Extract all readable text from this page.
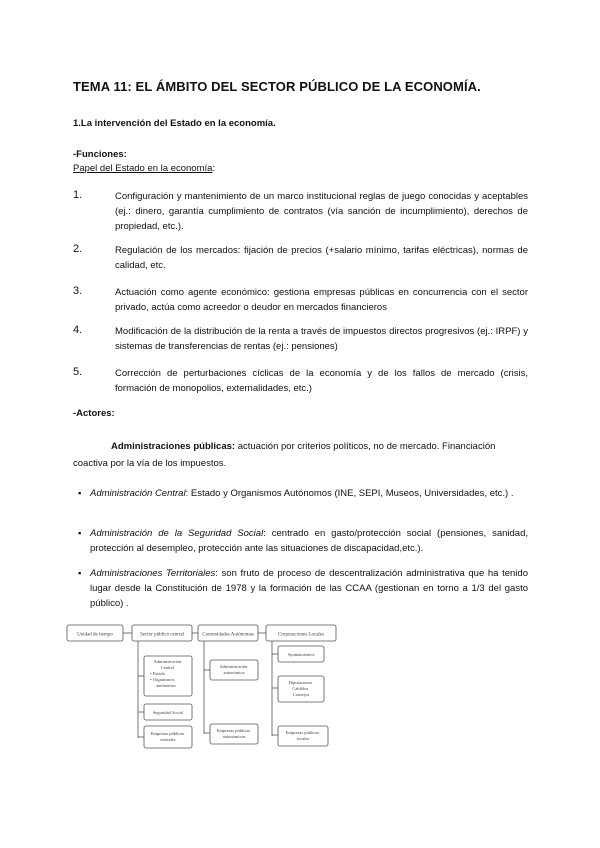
TEMA 11: EL ÁMBITO DEL SECTOR PÚBLICO DE LA ECONOMÍA.
1.La intervención del Estado en la economía.
-Funciones:
Papel del Estado en la economía:
1.	Configuración y mantenimiento de un marco institucional reglas de juego conocidas y aceptables (ej.: dinero, garantía cumplimiento de contratos (vía sanción de incumplimiento), derechos de propiedad, etc.).
2.	Regulación de los mercados: fijación de precios (+salario mínimo, tarifas eléctricas), normas de calidad, etc.
3.	Actuación como agente económico: gestiona empresas públicas en concurrencia con el sector privado, actúa como acreedor o deudor en mercados financieros
4.	Modificación de la distribución de la renta a través de impuestos directos progresivos (ej.: IRPF) y sistemas de transferencias de rentas (ej.: pensiones)
5.	Corrección de perturbaciones cíclicas de la economía y de los fallos de mercado (crisis, formación de monopolios, externalidades, etc.)
-Actores:
Administraciones públicas: actuación por criterios políticos, no de mercado. Financiación coactiva por la vía de los impuestos.
▪ Administración Central: Estado y Organismos Autónomos (INE, SEPI, Museos, Universidades, etc.) .
▪ Administración de la Seguridad Social: centrado en gasto/protección social (pensiones, sanidad, protección al desempleo, protección ante las situaciones de discapacidad,etc.).
▪ Administraciones Territoriales: son fruto de proceso de descentralización administrativa que ha tenido lugar desde la Constitución de 1978 y la formación de las CCAA (gestionan en torno a 1/3 del gasto público) .
Unidad de tiempo	Sector público central	Comunidades Autónomas	Corporaciones Locales
Administración Central • Estado • Organismos autónomos
Seguridad Social
Empresas públicas estatales
Administración autonómica
Empresas públicas autonómicas
Ayuntamientos
Diputaciones Cabildos Consejos
Empresas públicas locales
